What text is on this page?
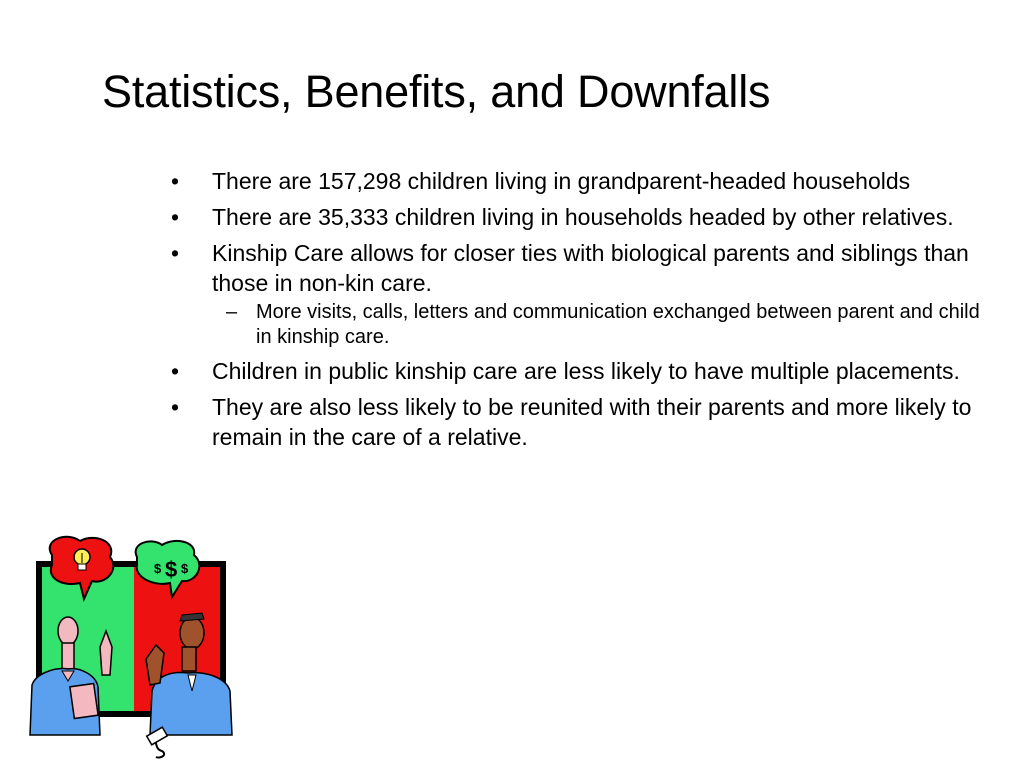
Statistics, Benefits, and Downfalls
• There are 157,298 children living in grandparent-headed households
• There are 35,333 children living in households headed by other relatives.
• Kinship Care allows for closer ties with biological parents and siblings than those in non-kin care.
– More visits, calls, letters and communication exchanged between parent and child in kinship care.
• Children in public kinship care are less likely to have multiple placements.
• They are also less likely to be reunited with their parents and more likely to remain in the care of a relative.
$ $ $
